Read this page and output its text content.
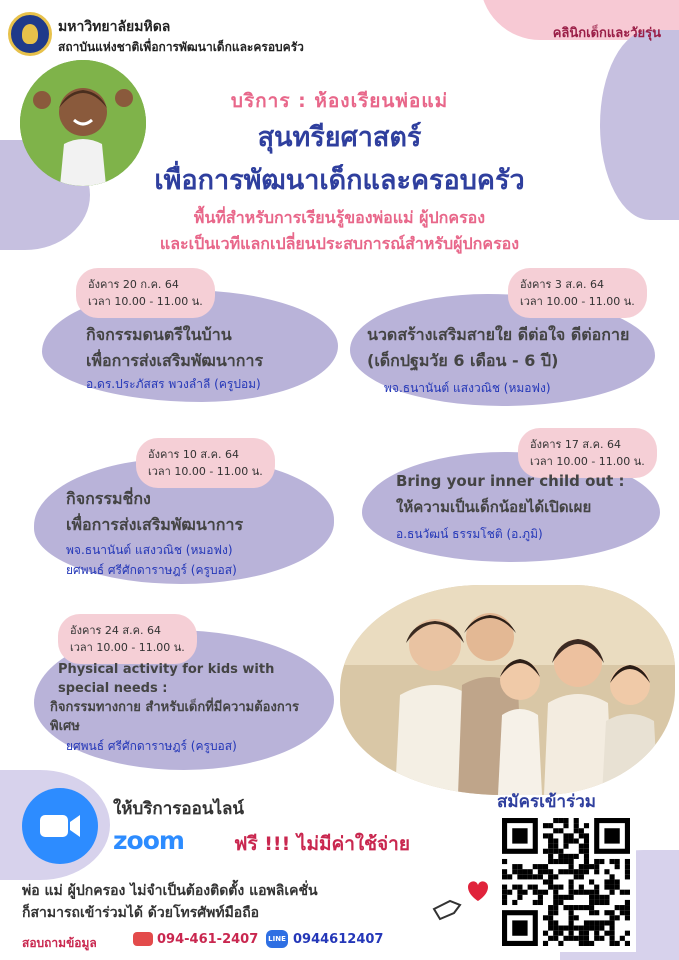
มหาวิทยาลัยมหิดล
สถาบันแห่งชาติเพื่อการพัฒนาเด็กและครอบครัว
คลินิกเด็กและวัยรุ่น
บริการ : ห้องเรียนพ่อแม่
สุนทรียศาสตร์
เพื่อการพัฒนาเด็กและครอบครัว
พื้นที่สำหรับการเรียนรู้ของพ่อแม่ ผู้ปกครอง
และเป็นเวทีแลกเปลี่ยนประสบการณ์สำหรับผู้ปกครอง
อังคาร 20 ก.ค. 64
เวลา 10.00 - 11.00 น.
กิจกรรมดนตรีในบ้าน
เพื่อการส่งเสริมพัฒนาการ
อ.ดร.ประภัสสร พวงลำลี (ครูปอม)
อังคาร 3 ส.ค. 64
เวลา 10.00 - 11.00 น.
นวดสร้างเสริมสายใย ดีต่อใจ ดีต่อกาย
(เด็กปฐมวัย 6 เดือน - 6 ปี)
พจ.ธนานันต์ แสงวณิช (หมอฟง)
อังคาร 10 ส.ค. 64
เวลา 10.00 - 11.00 น.
กิจกรรมชี่กง
เพื่อการส่งเสริมพัฒนาการ
พจ.ธนานันต์ แสงวณิช (หมอฟง)
ยศพนธ์ ศรีศักดาราษฎร์ (ครูบอส)
อังคาร 17 ส.ค. 64
เวลา 10.00 - 11.00 น.
Bring your inner child out :
ให้ความเป็นเด็กน้อยได้เปิดเผย
อ.ธนวัฒน์ ธรรมโชติ (อ.ภูมิ)
อังคาร 24 ส.ค. 64
เวลา 10.00 - 11.00 น.
Physical activity for kids with
special needs :
กิจกรรมทางกาย สำหรับเด็กที่มีความต้องการ
พิเศษ
ยศพนธ์ ศรีศักดาราษฎร์ (ครูบอส)
ให้บริการออนไลน์
zoom	ฟรี !!! ไม่มีค่าใช้จ่าย
พ่อ แม่ ผู้ปกครอง ไม่จำเป็นต้องติดตั้ง แอพลิเคชั่น
ก็สามารถเข้าร่วมได้ ด้วยโทรศัพท์มือถือ
สมัครเข้าร่วม
สอบถามข้อมูล	094-461-2407	LINE 0944612407
